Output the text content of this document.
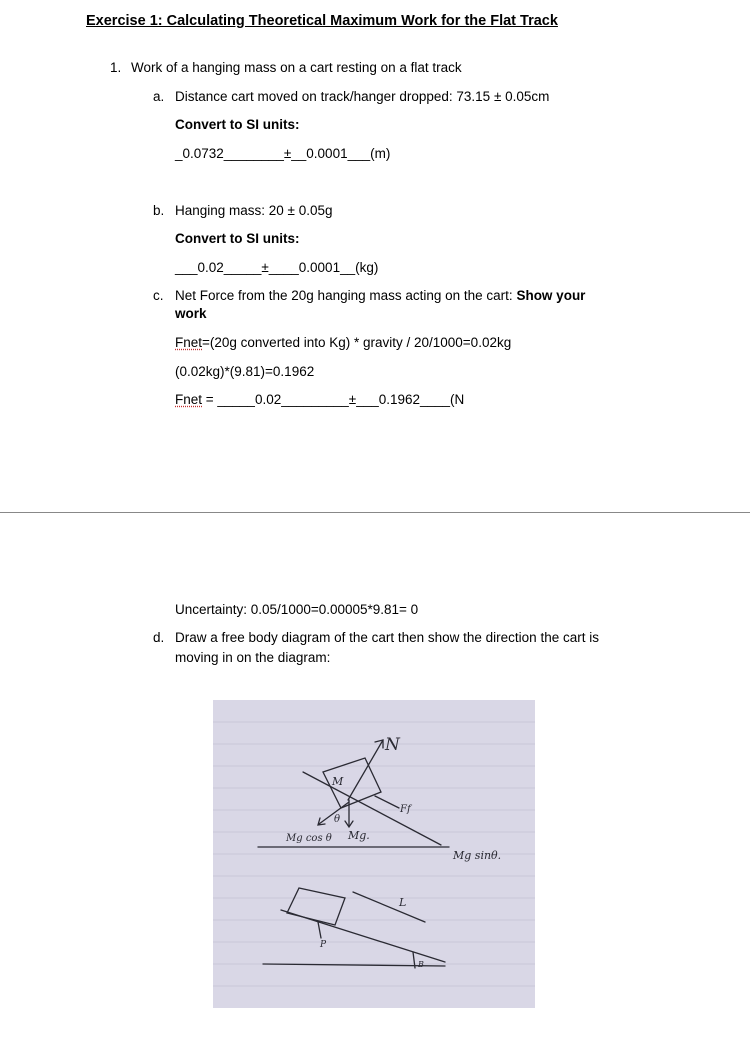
Exercise 1: Calculating Theoretical Maximum Work for the Flat Track
1. Work of a hanging mass on a cart resting on a flat track
a. Distance cart moved on track/hanger dropped: 73.15 ± 0.05cm
Convert to SI units:
_0.0732________±__0.0001___(m)
b. Hanging mass: 20 ± 0.05g
Convert to SI units:
___0.02_____±____0.0001__(kg)
c. Net Force from the 20g hanging mass acting on the cart: Show your
work
Fnet=(20g converted into Kg) * gravity / 20/1000=0.02kg
(0.02kg)*(9.81)=0.1962
Fnet = _____0.02_________±___0.1962____(N
Uncertainty: 0.05/1000=0.00005*9.81= 0
d. Draw a free body diagram of the cart then show the direction the cart is
moving in on the diagram:
N
M
θ
Ff
Mg cos θ Mg.
Mg sinθ.
L
P
B
